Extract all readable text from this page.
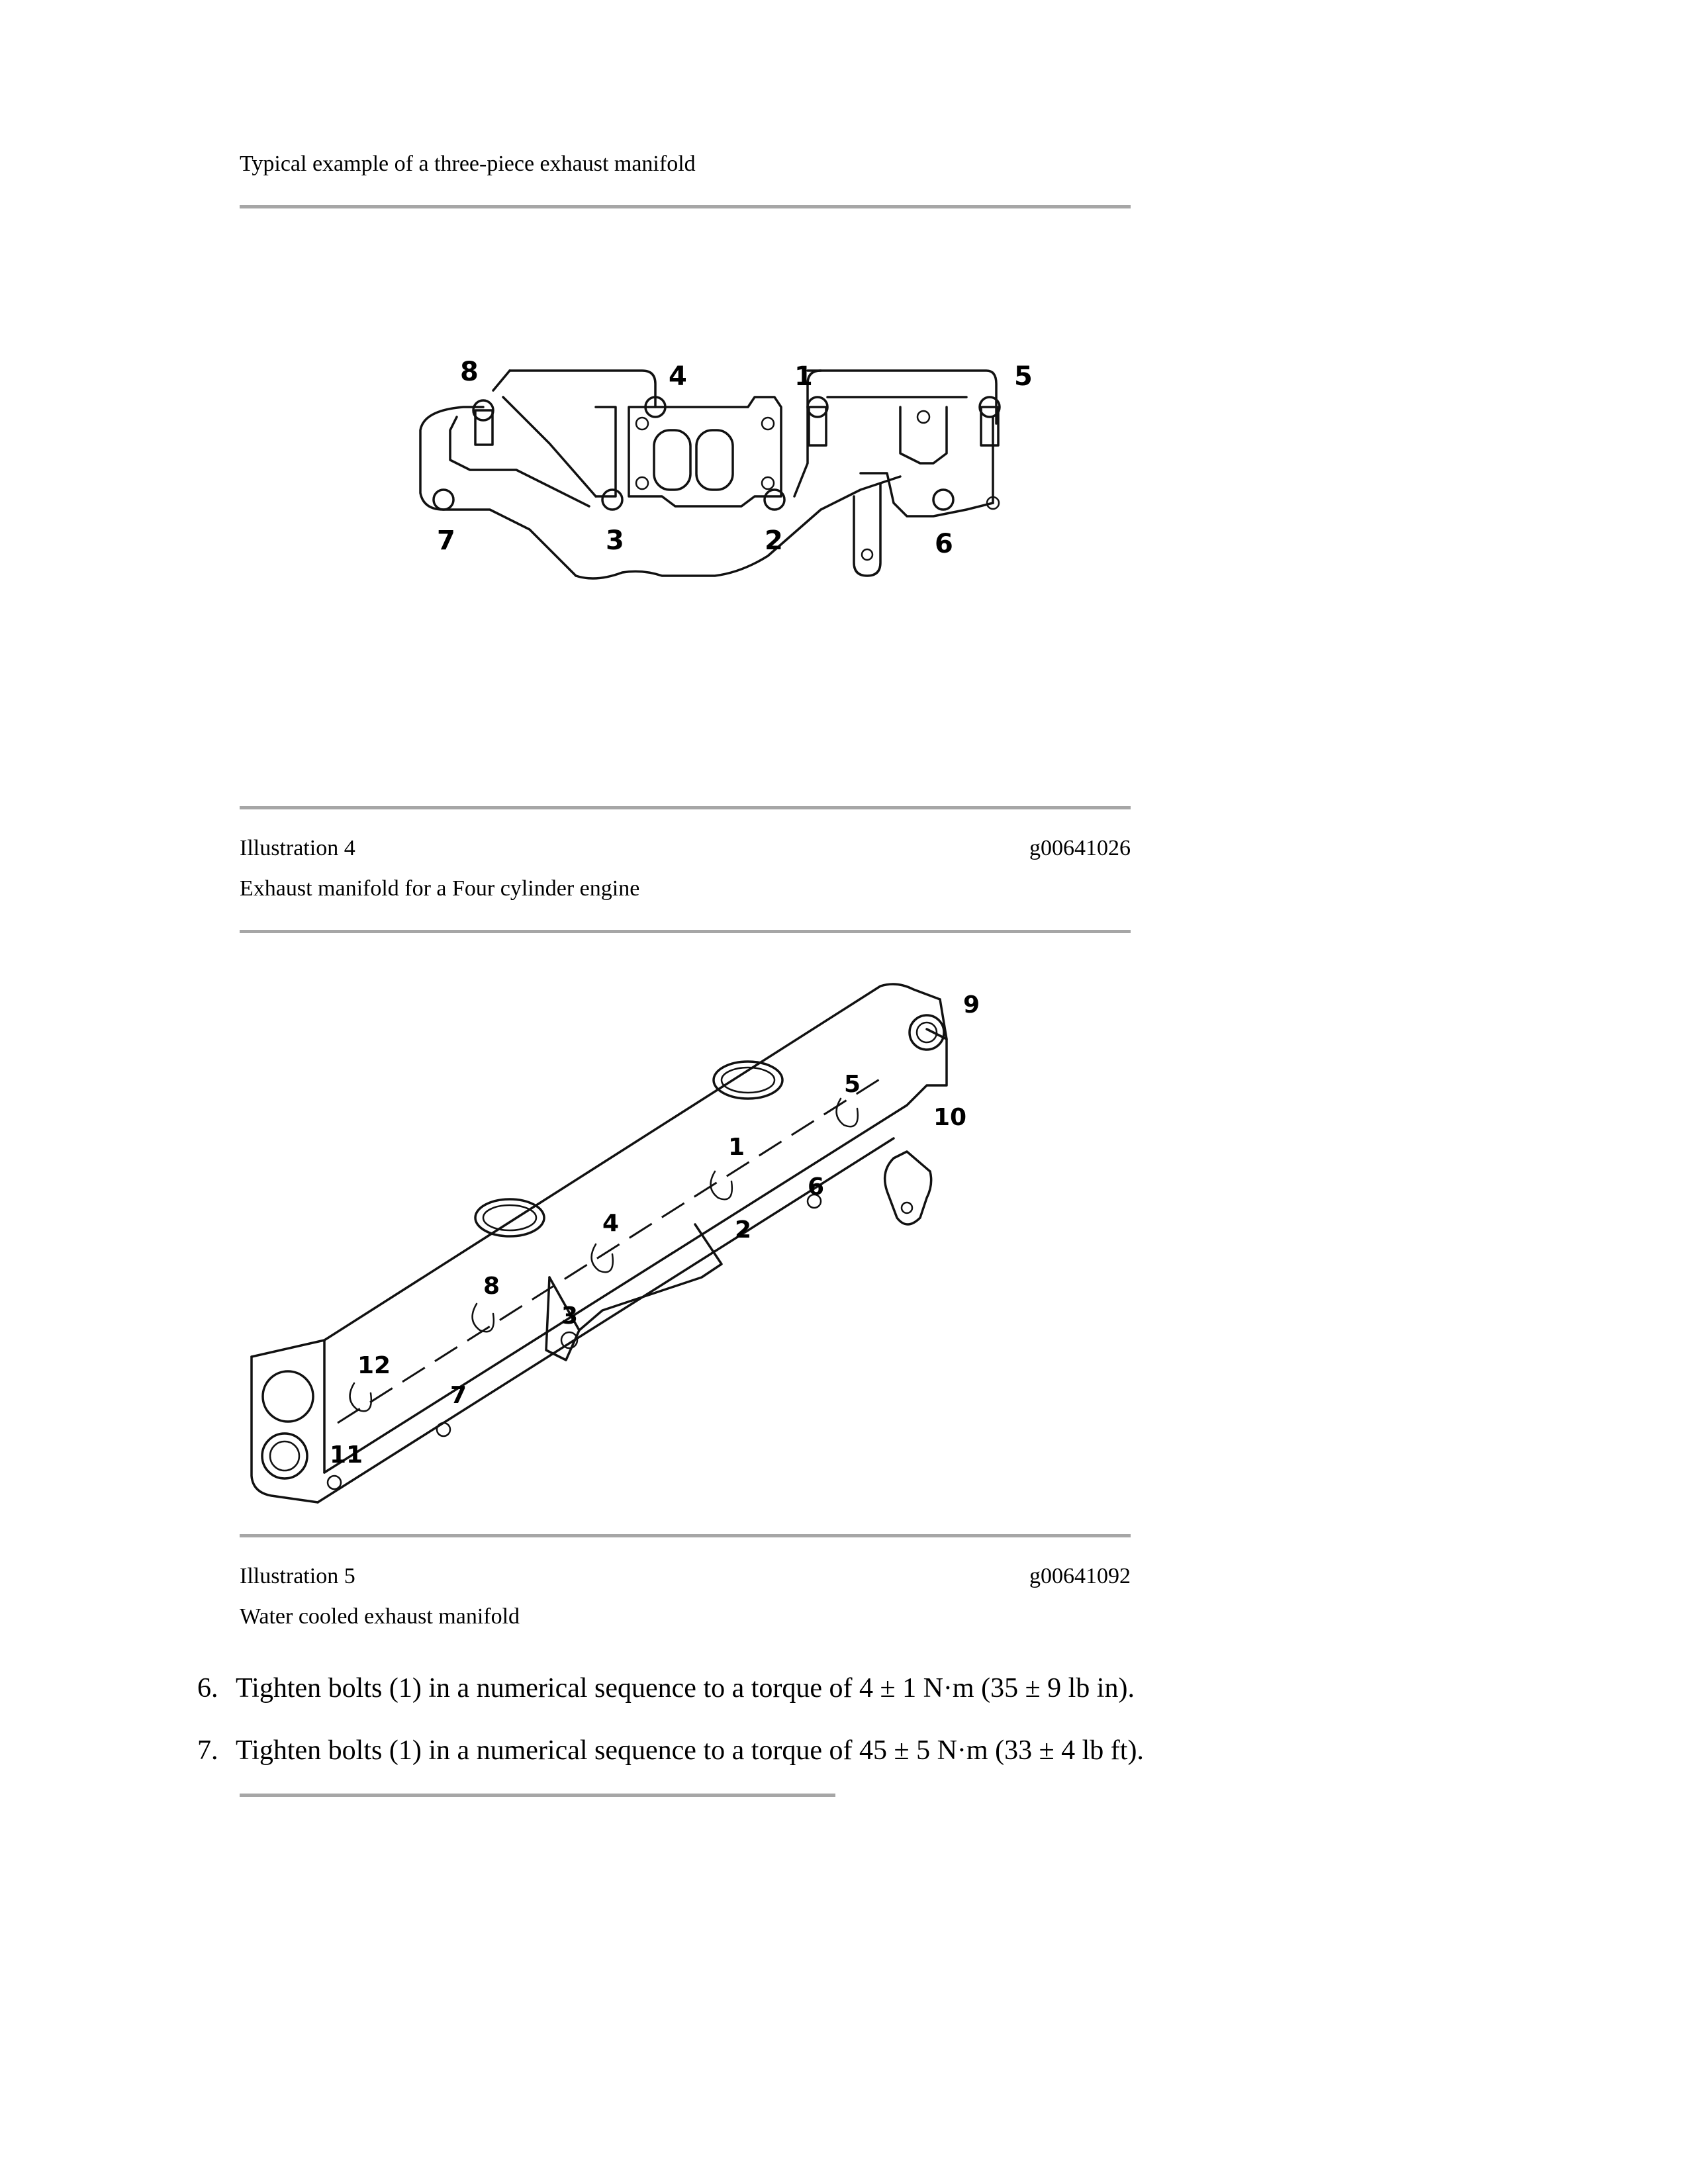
Typical example of a three-piece exhaust manifold
8	4	1	5
7	3	2	6
Illustration 4	g00641026
Exhaust manifold for a Four cylinder engine
9
5
10
1
6
4	2
8
3
12
7
11
Illustration 5	g00641092
Water cooled exhaust manifold
6. Tighten bolts (1) in a numerical sequence to a torque of 4 ± 1 N·m (35 ± 9 lb in).
7. Tighten bolts (1) in a numerical sequence to a torque of 45 ± 5 N·m (33 ± 4 lb ft).
